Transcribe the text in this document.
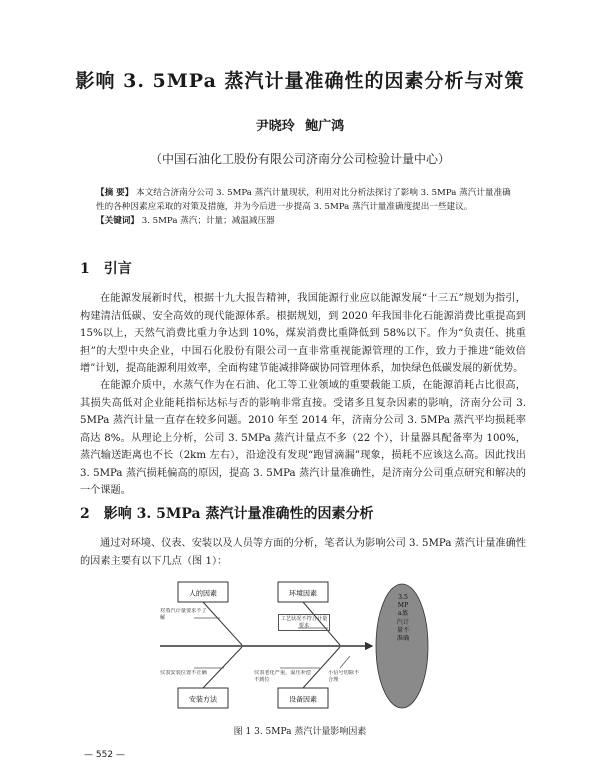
影响 3. 5MPa 蒸汽计量准确性的因素分析与对策
尹晓玲 鲍广鸿
（中国石油化工股份有限公司济南分公司检验计量中心）

【摘 要】 本文结合济南分公司 3. 5MPa 蒸汽计量现状，利用对比分析法探讨了影响 3. 5MPa 蒸汽计量准确性的各种因素应采取的对策及措施，并为今后进一步提高 3. 5MPa 蒸汽计量准确度提出一些建议。

【关键词】 3. 5MPa 蒸汽；计量；减温减压器

1 引言
在能源发展新时代，根据十九大报告精神，我国能源行业应以能源发展“十三五”规划为指引，构建清洁低碳、安全高效的现代能源体系。根据规划，到 2020 年我国非化石能源消费比重提高到 15%以上，天然气消费比重力争达到 10%，煤炭消费比重降低到 58%以下。作为“负责任、挑重担”的大型中央企业，中国石化股份有限公司一直非常重视能源管理的工作，致力于推进“能效倍增”计划，提高能源利用效率，全面构建节能减排降碳协同管理体系，加快绿色低碳发展的新优势。
在能源介质中，水蒸气作为在石油、化工等工业领域的重要载能工质，在能源消耗占比很高，其损失高低对企业能耗指标达标与否的影响非常直接。受诸多且复杂因素的影响，济南分公司 3. 5MPa 蒸汽计量一直存在较多问题。2010 年至 2014 年，济南分公司 3. 5MPa 蒸汽平均损耗率高达 8%。从理论上分析，公司 3. 5MPa 蒸汽计量点不多（22 个），计量器具配备率为 100%，蒸汽输送距离也不长（2km 左右），沿途没有发现“跑冒滴漏”现象，损耗不应该这么高。因此找出 3. 5MPa 蒸汽损耗偏高的原因，提高 3. 5MPa 蒸汽计量准确性，是济南分公司重点研究和解决的一个课题。
2 影响 3. 5MPa 蒸汽计量准确性的因素分析
通过对环境、仪表、安装以及人员等方面的分析，笔者认为影响公司 3. 5MPa 蒸汽计量准确性的因素主要有以下几点（图 1）：
人的因素	环境因素
安装方法	设备因素
对蒸汽计量要求不了解	工艺状况不符合计量要求
仪表安装位置不正确	仪表老化严重，温压补偿不到位
小信号切除不合理
3.5MPa蒸汽计量不准确
图 1 3. 5MPa 蒸汽计量影响因素
— 552 —
